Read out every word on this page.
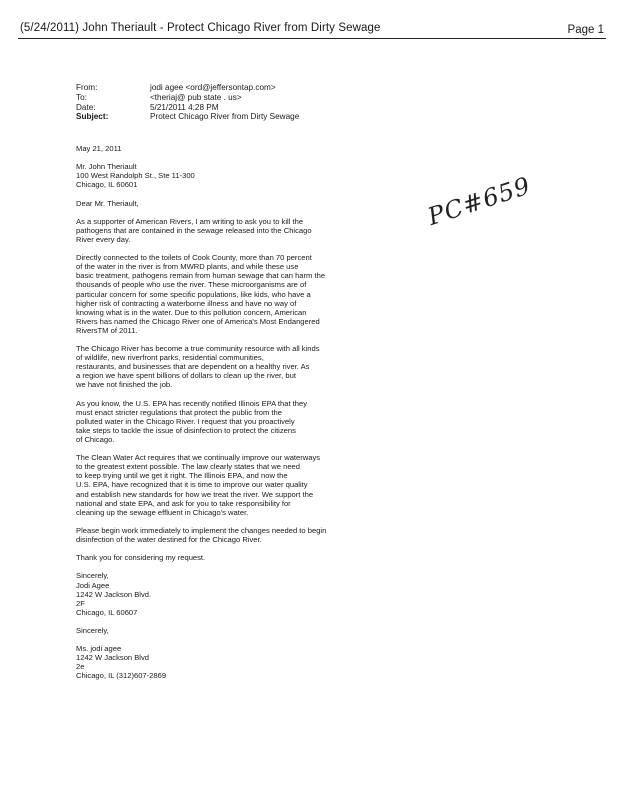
(5/24/2011) John Theriault - Protect Chicago River from Dirty Sewage	Page 1
From:	jodi agee <ord@jeffersontap.com>
To:	<theriaj@ pub state . us>
Date:	5/21/2011 4:28 PM
Subject:	Protect Chicago River from Dirty Sewage
May 21, 2011
Mr. John Theriault
100 West Randolph St., Ste 11-300
Chicago, IL 60601
Dear Mr. Theriault,
As a supporter of American Rivers, I am writing to ask you to kill the
pathogens that are contained in the sewage released into the Chicago
River every day.
Directly connected to the toilets of Cook County, more than 70 percent
of the water in the river is from MWRD plants, and while these use
basic treatment, pathogens remain from human sewage that can harm the
thousands of people who use the river. These microorganisms are of
particular concern for some specific populations, like kids, who have a
higher risk of contracting a waterborne illness and have no way of
knowing what is in the water. Due to this pollution concern, American
Rivers has named the Chicago River one of America's Most Endangered
RiversTM of 2011.
The Chicago River has become a true community resource with all kinds
of wildlife, new riverfront parks, residential communities,
restaurants, and businesses that are dependent on a healthy river. As
a region we have spent billions of dollars to clean up the river, but
we have not finished the job.
As you know, the U.S. EPA has recently notified Illinois EPA that they
must enact stricter regulations that protect the public from the
polluted water in the Chicago River. I request that you proactively
take steps to tackle the issue of disinfection to protect the citizens
of Chicago.
The Clean Water Act requires that we continually improve our waterways
to the greatest extent possible. The law clearly states that we need
to keep trying until we get it right. The Illinois EPA, and now the
U.S. EPA, have recognized that it is time to improve our water quality
and establish new standards for how we treat the river. We support the
national and state EPA, and ask for you to take responsibility for
cleaning up the sewage effluent in Chicago's water.
Please begin work immediately to implement the changes needed to begin
disinfection of the water destined for the Chicago River.
Thank you for considering my request.
Sincerely,
Jodi Agee
1242 W Jackson Blvd.
2F
Chicago, IL 60607
Sincerely,
Ms. jodi agee
1242 W Jackson Blvd
2e
Chicago, IL (312)607-2869
PC#659
